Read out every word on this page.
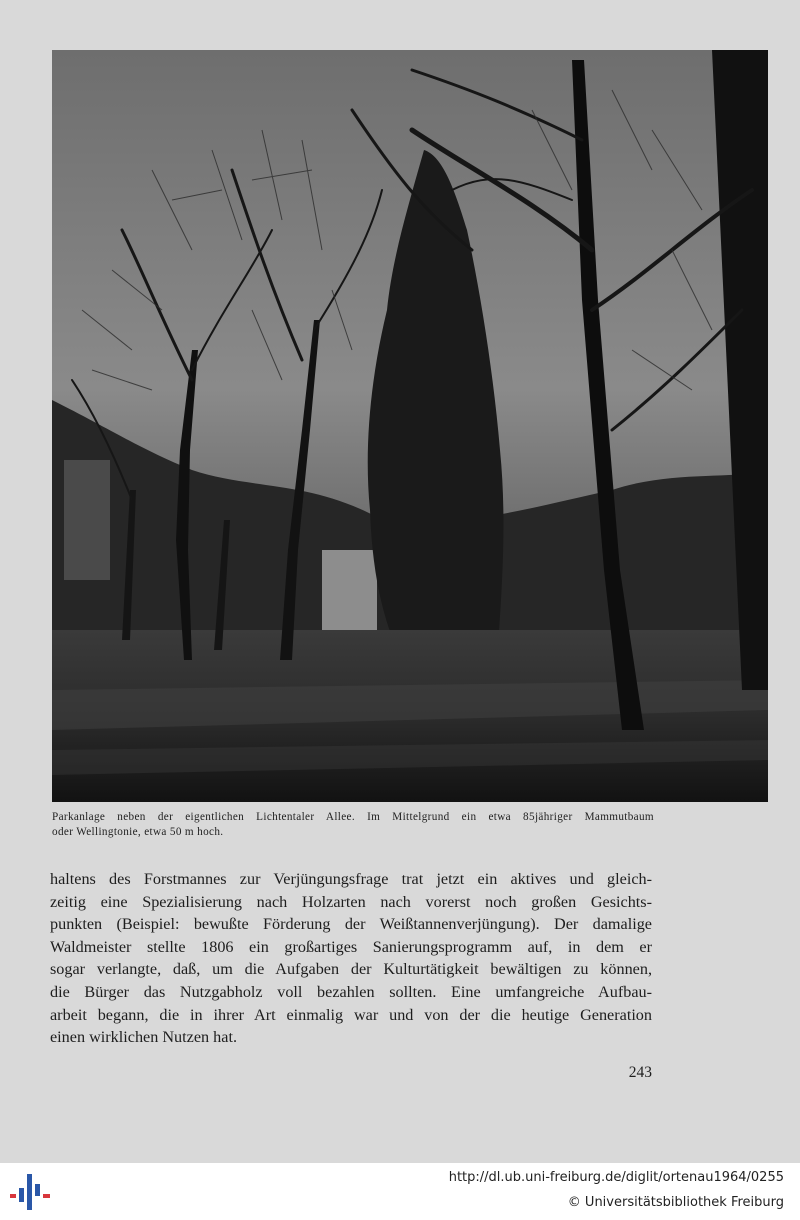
Parkanlage neben der eigentlichen Lichtentaler Allee. Im Mittelgrund ein etwa 85jähriger Mammutbaum
oder Wellingtonie, etwa 50 m hoch.
haltens des Forstmannes zur Verjüngungsfrage trat jetzt ein aktives und gleich-
zeitig eine Spezialisierung nach Holzarten nach vorerst noch großen Gesichts-
punkten (Beispiel: bewußte Förderung der Weißtannenverjüngung). Der damalige
Waldmeister stellte 1806 ein großartiges Sanierungsprogramm auf, in dem er
sogar verlangte, daß, um die Aufgaben der Kulturtätigkeit bewältigen zu können,
die Bürger das Nutzgabholz voll bezahlen sollten. Eine umfangreiche Aufbau-
arbeit begann, die in ihrer Art einmalig war und von der die heutige Generation
einen wirklichen Nutzen hat.
243
http://dl.ub.uni-freiburg.de/diglit/ortenau1964/0255
© Universitätsbibliothek Freiburg
